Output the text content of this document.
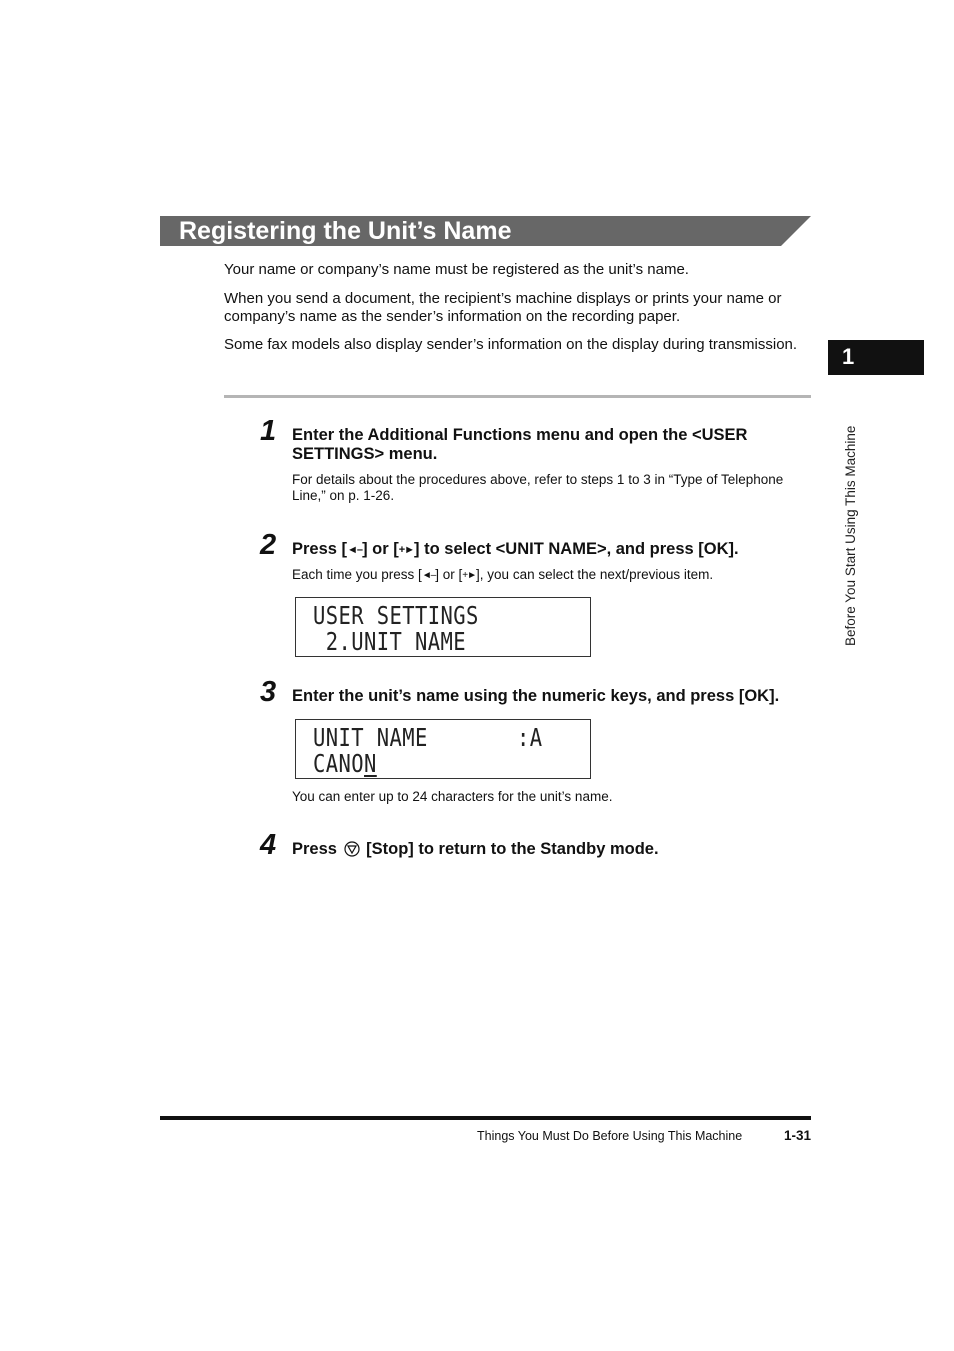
Registering the Unit’s Name
Your name or company’s name must be registered as the unit’s name.
When you send a document, the recipient’s machine displays or prints your name or company’s name as the sender’s information on the recording paper.
Some fax models also display sender’s information on the display during transmission.
1 Enter the Additional Functions menu and open the <USER SETTINGS> menu.
For details about the procedures above, refer to steps 1 to 3 in “Type of Telephone Line,” on p. 1-26.
2 Press [◄–] or [+►] to select <UNIT NAME>, and press [OK].
Each time you press [◄–] or [+►], you can select the next/previous item.
USER SETTINGS
2.UNIT NAME
3 Enter the unit’s name using the numeric keys, and press [OK].
UNIT NAME       :A
CANON
You can enter up to 24 characters for the unit’s name.
4 Press [Stop] to return to the Standby mode.
1
Before You Start Using This Machine
Things You Must Do Before Using This Machine	1-31
